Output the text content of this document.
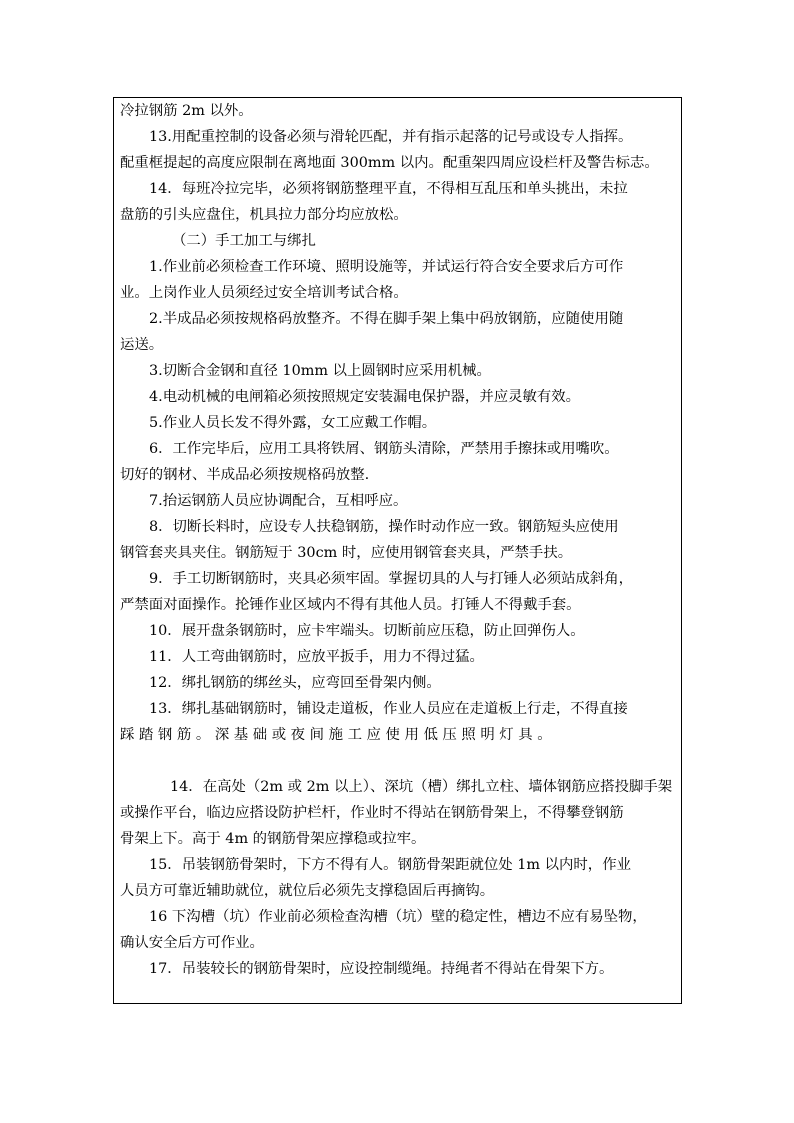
冷拉钢筋 2m 以外。
13.用配重控制的设备必须与滑轮匹配，并有指示起落的记号或设专人指挥。
配重框提起的高度应限制在离地面 300mm 以内。配重架四周应设栏杆及警告标志。
14．每班冷拉完毕，必须将钢筋整理平直，不得相互乱压和单头挑出，未拉
盘筋的引头应盘住，机具拉力部分均应放松。
（二）手工加工与绑扎
1.作业前必须检查工作环境、照明设施等，并试运行符合安全要求后方可作
业。上岗作业人员须经过安全培训考试合格。
2.半成品必须按规格码放整齐。不得在脚手架上集中码放钢筋，应随使用随
运送。
3.切断合金钢和直径 10mm 以上圆钢时应采用机械。
4.电动机械的电闸箱必须按照规定安装漏电保护器，并应灵敏有效。
5.作业人员长发不得外露，女工应戴工作帽。
6．工作完毕后，应用工具将铁屑、钢筋头清除，严禁用手擦抹或用嘴吹。
切好的钢材、半成品必须按规格码放整.
7.抬运钢筋人员应协调配合，互相呼应。
8．切断长料时，应设专人扶稳钢筋，操作时动作应一致。钢筋短头应使用
钢管套夹具夹住。钢筋短于 30cm 时，应使用钢管套夹具，严禁手扶。
9．手工切断钢筋时，夹具必须牢固。掌握切具的人与打锤人必须站成斜角，
严禁面对面操作。抡锤作业区域内不得有其他人员。打锤人不得戴手套。
10．展开盘条钢筋时，应卡牢端头。切断前应压稳，防止回弹伤人。
11．人工弯曲钢筋时，应放平扳手，用力不得过猛。
12．绑扎钢筋的绑丝头，应弯回至骨架内侧。
13．绑扎基础钢筋时，铺设走道板，作业人员应在走道板上行走，不得直接
踩 踏 钢 筋 。 深 基 础 或 夜 间 施 工 应 使 用 低 压 照 明 灯 具 。
14．在高处（2m 或 2m 以上）、深坑（槽）绑扎立柱、墙体钢筋应搭投脚手架
或操作平台，临边应搭设防护栏杆，作业时不得站在钢筋骨架上，不得攀登钢筋
骨架上下。高于 4m 的钢筋骨架应撑稳或拉牢。
15．吊装钢筋骨架时，下方不得有人。钢筋骨架距就位处 1m 以内时，作业
人员方可靠近辅助就位，就位后必须先支撑稳固后再摘钩。
16 下沟槽（坑）作业前必须检查沟槽（坑）壁的稳定性，槽边不应有易坠物，
确认安全后方可作业。
17．吊装较长的钢筋骨架时，应设控制缆绳。持绳者不得站在骨架下方。
